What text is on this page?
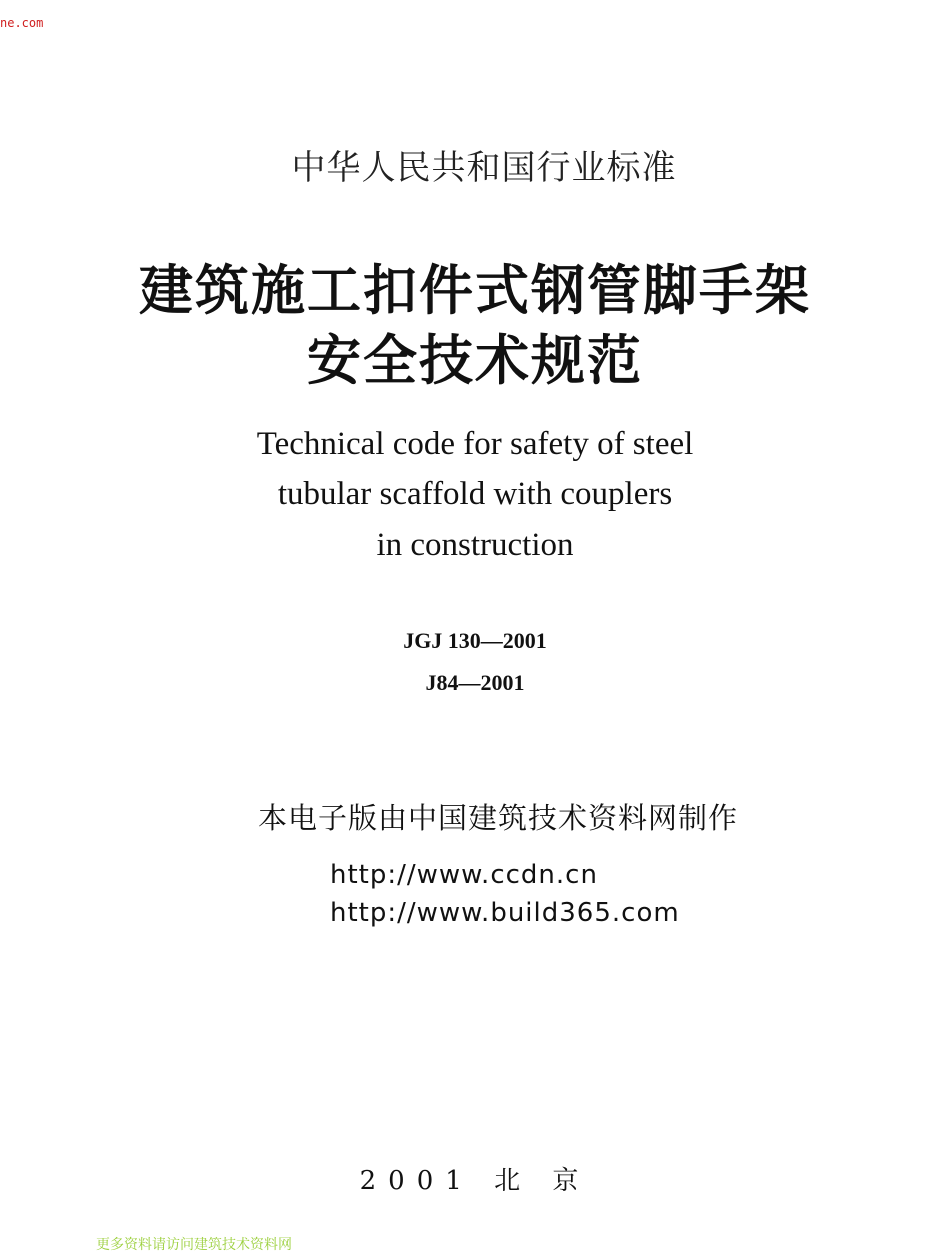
ne.com
中华人民共和国行业标准
建筑施工扣件式钢管脚手架
安全技术规范
Technical code for safety of steel
tubular scaffold with couplers
in construction
JGJ 130—2001
J84—2001
本电子版由中国建筑技术资料网制作
http://www.ccdn.cn
http://www.build365.com
2001 北 京
更多资料请访问建筑技术资料网
